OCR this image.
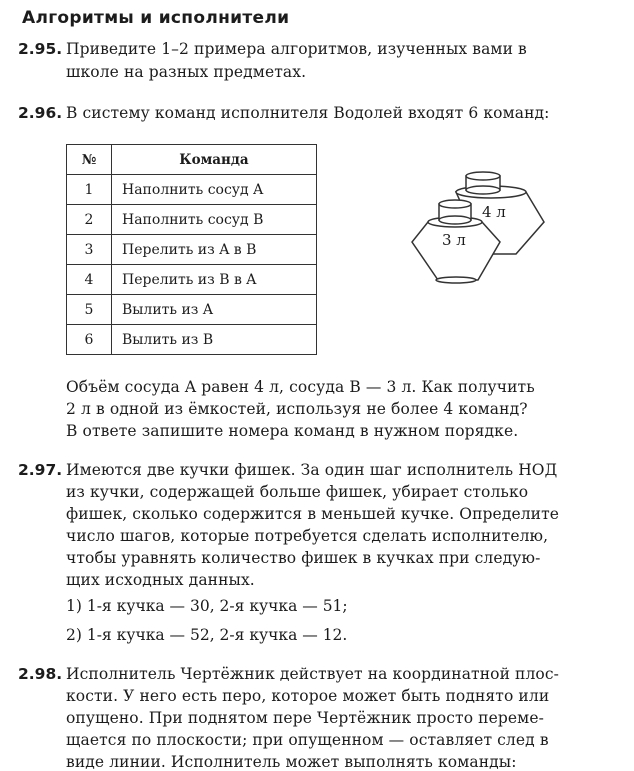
Алгоритмы и исполнители
2.95. Приведите 1–2 примера алгоритмов, изученных вами в
школе на разных предметах.
2.96. В систему команд исполнителя Водолей входят 6 команд:
№	Команда
1	Наполнить сосуд A
2	Наполнить сосуд B
3	Перелить из A в B
4	Перелить из B в A
5	Вылить из A
6	Вылить из B
4 л
3 л
Объём сосуда A равен 4 л, сосуда B — 3 л. Как получить
2 л в одной из ёмкостей, используя не более 4 команд?
В ответе запишите номера команд в нужном порядке.
2.97. Имеются две кучки фишек. За один шаг исполнитель НОД
из кучки, содержащей больше фишек, убирает столько
фишек, сколько содержится в меньшей кучке. Определите
число шагов, которые потребуется сделать исполнителю,
чтобы уравнять количество фишек в кучках при следую-
щих исходных данных.
1) 1-я кучка — 30, 2-я кучка — 51;
2) 1-я кучка — 52, 2-я кучка — 12.
2.98. Исполнитель Чертёжник действует на координатной плос-
кости. У него есть перо, которое может быть поднято или
опущено. При поднятом пере Чертёжник просто переме-
щается по плоскости; при опущенном — оставляет след в
виде линии. Исполнитель может выполнять команды:
